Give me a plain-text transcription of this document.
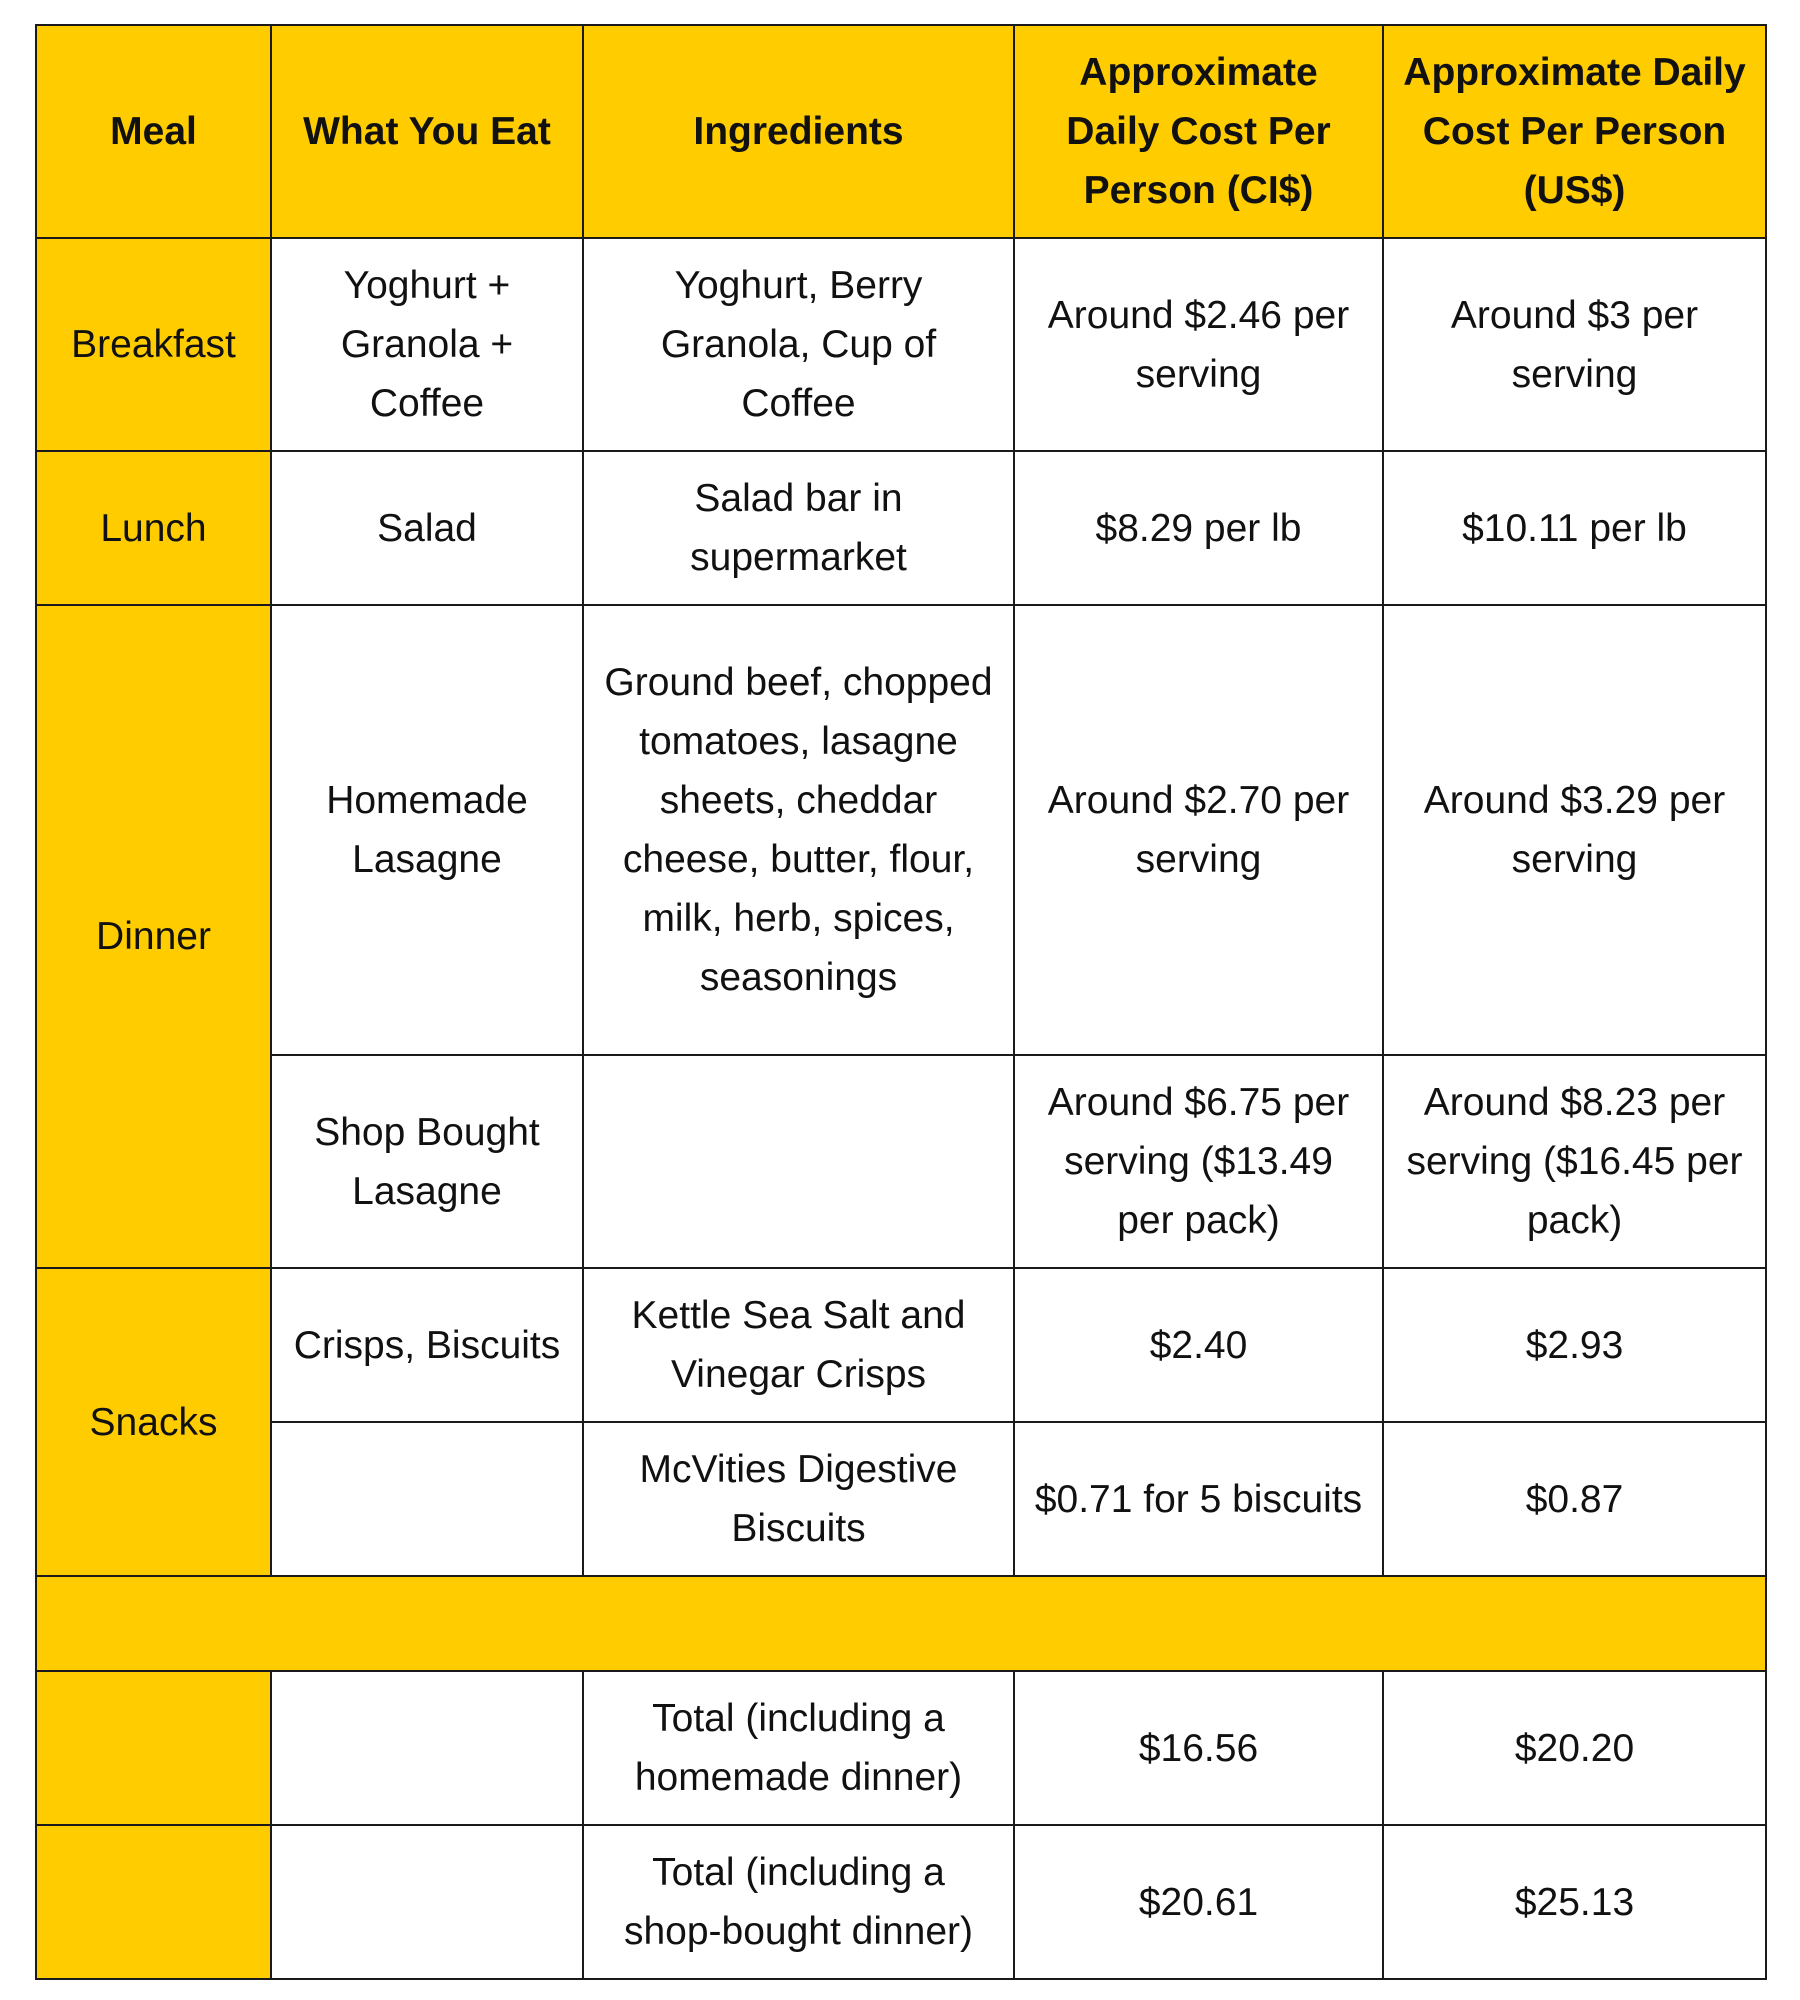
Meal	What You Eat	Ingredients	Approximate Daily Cost Per Person (CI$)	Approximate Daily Cost Per Person (US$)
Breakfast	Yoghurt + Granola + Coffee	Yoghurt, Berry Granola, Cup of Coffee	Around $2.46 per serving	Around $3 per serving
Lunch	Salad	Salad bar in supermarket	$8.29 per lb	$10.11 per lb
Dinner	Homemade Lasagne	Ground beef, chopped tomatoes, lasagne sheets, cheddar cheese, butter, flour, milk, herb, spices, seasonings	Around $2.70 per serving	Around $3.29 per serving
	Shop Bought Lasagne		Around $6.75 per serving ($13.49 per pack)	Around $8.23 per serving ($16.45 per pack)
Snacks	Crisps, Biscuits	Kettle Sea Salt and Vinegar Crisps	$2.40	$2.93
		McVities Digestive Biscuits	$0.71 for 5 biscuits	$0.87

		Total (including a homemade dinner)	$16.56	$20.20
		Total (including a shop-bought dinner)	$20.61	$25.13
